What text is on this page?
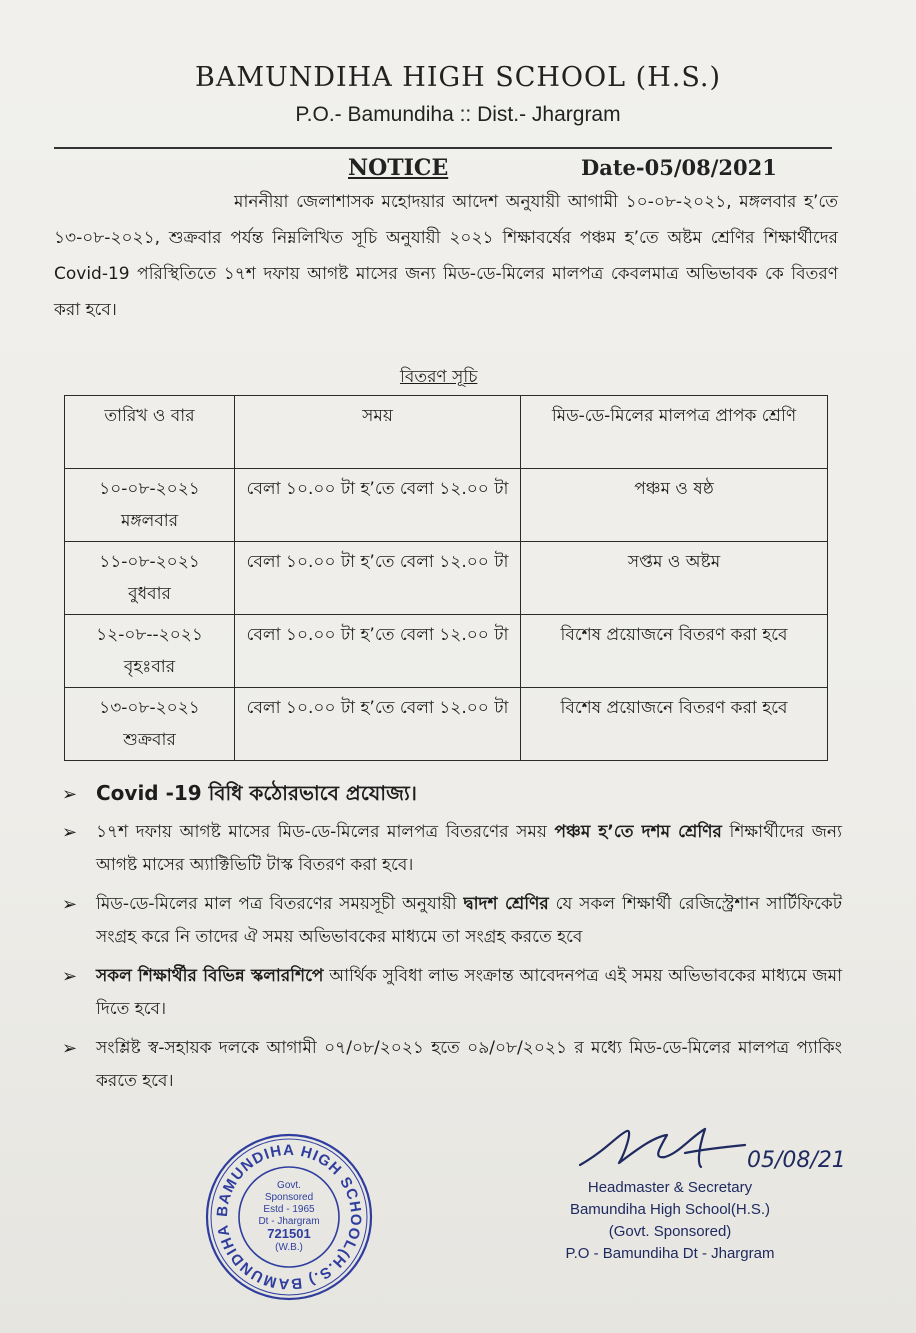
BAMUNDIHA HIGH SCHOOL (H.S.)
P.O.- Bamundiha :: Dist.- Jhargram
NOTICE	Date-05/08/2021
মাননীয়া জেলাশাসক মহোদয়ার আদেশ অনুযায়ী আগামী ১০-০৮-২০২১, মঙ্গলবার হ’তে ১৩-০৮-২০২১, শুক্রবার পর্যন্ত নিম্নলিখিত সূচি অনুযায়ী ২০২১ শিক্ষাবর্ষের পঞ্চম হ’তে অষ্টম শ্রেণির শিক্ষার্থীদের Covid-19 পরিস্থিতিতে ১৭শ দফায় আগষ্ট মাসের জন্য মিড-ডে-মিলের মালপত্র কেবলমাত্র অভিভাবক কে বিতরণ করা হবে।
বিতরণ সূচি
তারিখ ও বার	সময়	মিড-ডে-মিলের মালপত্র প্রাপক শ্রেণি

১০-০৮-২০২১
মঙ্গলবার	বেলা ১০.০০ টা হ’তে বেলা ১২.০০ টা	পঞ্চম ও ষষ্ঠ

১১-০৮-২০২১
বুধবার	বেলা ১০.০০ টা হ’তে বেলা ১২.০০ টা	সপ্তম ও অষ্টম

১২-০৮--২০২১
বৃহঃবার	বেলা ১০.০০ টা হ’তে বেলা ১২.০০ টা	বিশেষ প্রয়োজনে বিতরণ করা হবে

১৩-০৮-২০২১
শুক্রবার	বেলা ১০.০০ টা হ’তে বেলা ১২.০০ টা	বিশেষ প্রয়োজনে বিতরণ করা হবে
➢ Covid -19 বিধি কঠোরভাবে প্রযোজ্য।
➢ ১৭শ দফায় আগষ্ট মাসের মিড-ডে-মিলের মালপত্র বিতরণের সময় পঞ্চম হ’তে দশম শ্রেণির শিক্ষার্থীদের জন্য আগষ্ট মাসের অ্যাক্টিভিটি টাস্ক বিতরণ করা হবে।
➢ মিড-ডে-মিলের মাল পত্র বিতরণের সময়সূচী অনুযায়ী দ্বাদশ শ্রেণির যে সকল শিক্ষার্থী রেজিস্ট্রেশান সার্টিফিকেট সংগ্রহ করে নি তাদের ঐ সময় অভিভাবকের মাধ্যমে তা সংগ্রহ করতে হবে
➢ সকল শিক্ষার্থীর বিভিন্ন স্কলারশিপে আর্থিক সুবিধা লাভ সংক্রান্ত আবেদনপত্র এই সময় অভিভাবকের মাধ্যমে জমা দিতে হবে।
➢ সংশ্লিষ্ট স্ব-সহায়ক দলকে আগামী ০৭/০৮/২০২১ হতে ০৯/০৮/২০২১ র মধ্যে মিড-ডে-মিলের মালপত্র প্যাকিং করতে হবে।
BAMUNDIHA HIGH SCHOOL(H.S.) BAMUNDIHA
Govt.
Sponsored
Estd - 1965
Dt - Jhargram
721501
(W.B.)
05/08/21
Headmaster & Secretary
Bamundiha High School(H.S.)
(Govt. Sponsored)
P.O - Bamundiha Dt - Jhargram
